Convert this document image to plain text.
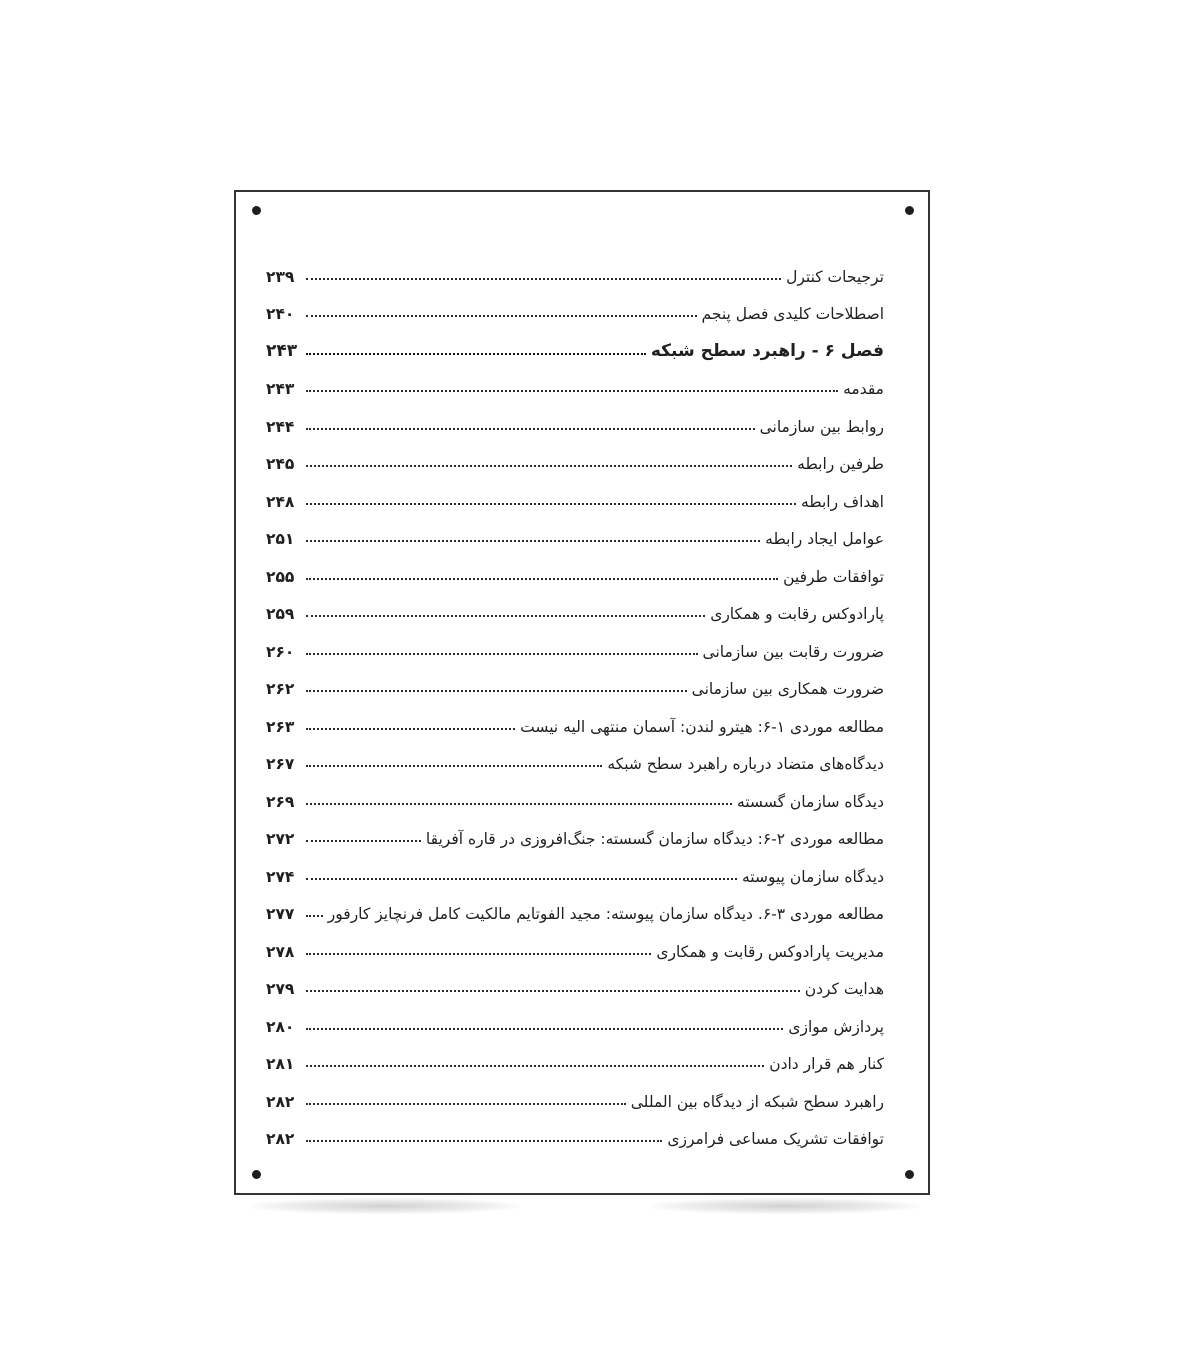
ترجیحات کنترل
۲۳۹
اصطلاحات کلیدی فصل پنجم
۲۴۰
فصل ۶ - راهبرد سطح شبکه
۲۴۳
مقدمه
۲۴۳
روابط بین سازمانی
۲۴۴
طرفین رابطه
۲۴۵
اهداف رابطه
۲۴۸
عوامل ایجاد رابطه
۲۵۱
توافقات طرفین
۲۵۵
پارادوکس رقابت و همکاری
۲۵۹
ضرورت رقابت بین سازمانی
۲۶۰
ضرورت همکاری بین سازمانی
۲۶۲
مطالعه موردی ۱-۶: هیترو لندن: آسمان منتهی الیه نیست
۲۶۳
دیدگاه‌های متضاد درباره راهبرد سطح شبکه
۲۶۷
دیدگاه سازمان گسسته
۲۶۹
مطالعه موردی ۲-۶: دیدگاه سازمان گسسته: جنگ‌افروزی در قاره آفریقا
۲۷۲
دیدگاه سازمان پیوسته
۲۷۴
مطالعه موردی ۳-۶. دیدگاه سازمان پیوسته: مجید الفوتایم مالکیت کامل فرنچایز کارفور
۲۷۷
مدیریت پارادوکس رقابت و همکاری
۲۷۸
هدایت کردن
۲۷۹
پردازش موازی
۲۸۰
کنار هم قرار دادن
۲۸۱
راهبرد سطح شبکه از دیدگاه بین المللی
۲۸۲
توافقات تشریک مساعی فرامرزی
۲۸۲
